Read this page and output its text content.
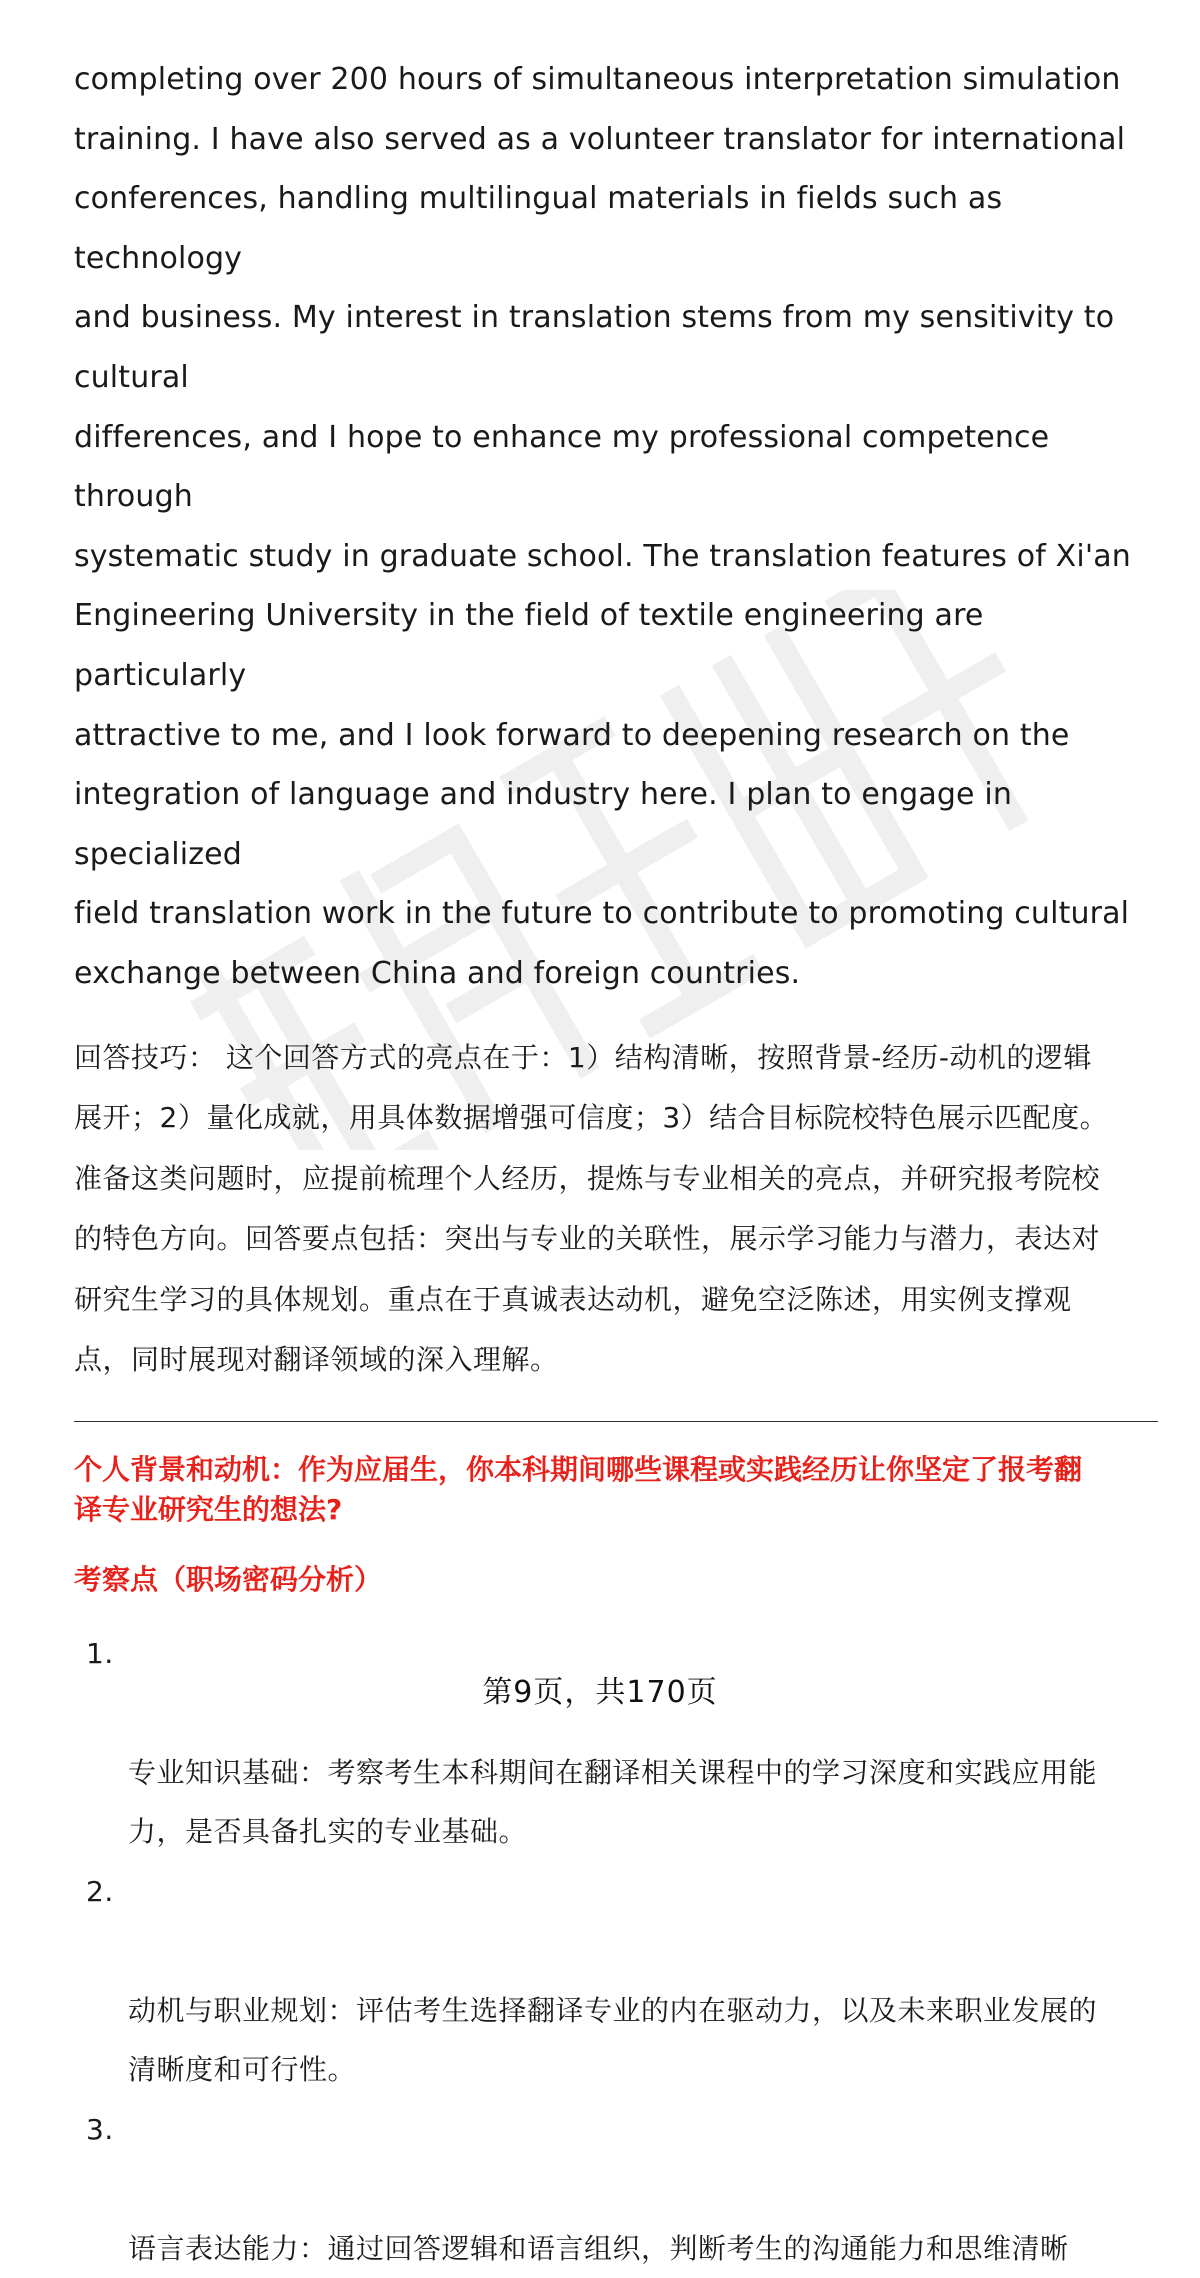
completing over 200 hours of simultaneous interpretation simulation
training. I have also served as a volunteer translator for international
conferences, handling multilingual materials in fields such as technology
and business. My interest in translation stems from my sensitivity to cultural
differences, and I hope to enhance my professional competence through
systematic study in graduate school. The translation features of Xi'an
Engineering University in the field of textile engineering are particularly
attractive to me, and I look forward to deepening research on the
integration of language and industry here. I plan to engage in specialized
field translation work in the future to contribute to promoting cultural
exchange between China and foreign countries.

回答技巧： 这个回答方式的亮点在于：1）结构清晰，按照背景-经历-动机的逻辑
展开；2）量化成就，用具体数据增强可信度；3）结合目标院校特色展示匹配度。
准备这类问题时，应提前梳理个人经历，提炼与专业相关的亮点，并研究报考院校
的特色方向。回答要点包括：突出与专业的关联性，展示学习能力与潜力，表达对
研究生学习的具体规划。重点在于真诚表达动机，避免空泛陈述，用实例支撑观
点，同时展现对翻译领域的深入理解。

个人背景和动机：作为应届生，你本科期间哪些课程或实践经历让你坚定了报考翻
译专业研究生的想法?

考察点（职场密码分析）

1.

专业知识基础：考察考生本科期间在翻译相关课程中的学习深度和实践应用能
力，是否具备扎实的专业基础。

2.

动机与职业规划：评估考生选择翻译专业的内在驱动力，以及未来职业发展的
清晰度和可行性。

3.

语言表达能力：通过回答逻辑和语言组织，判断考生的沟通能力和思维清晰

第9页，共170页
